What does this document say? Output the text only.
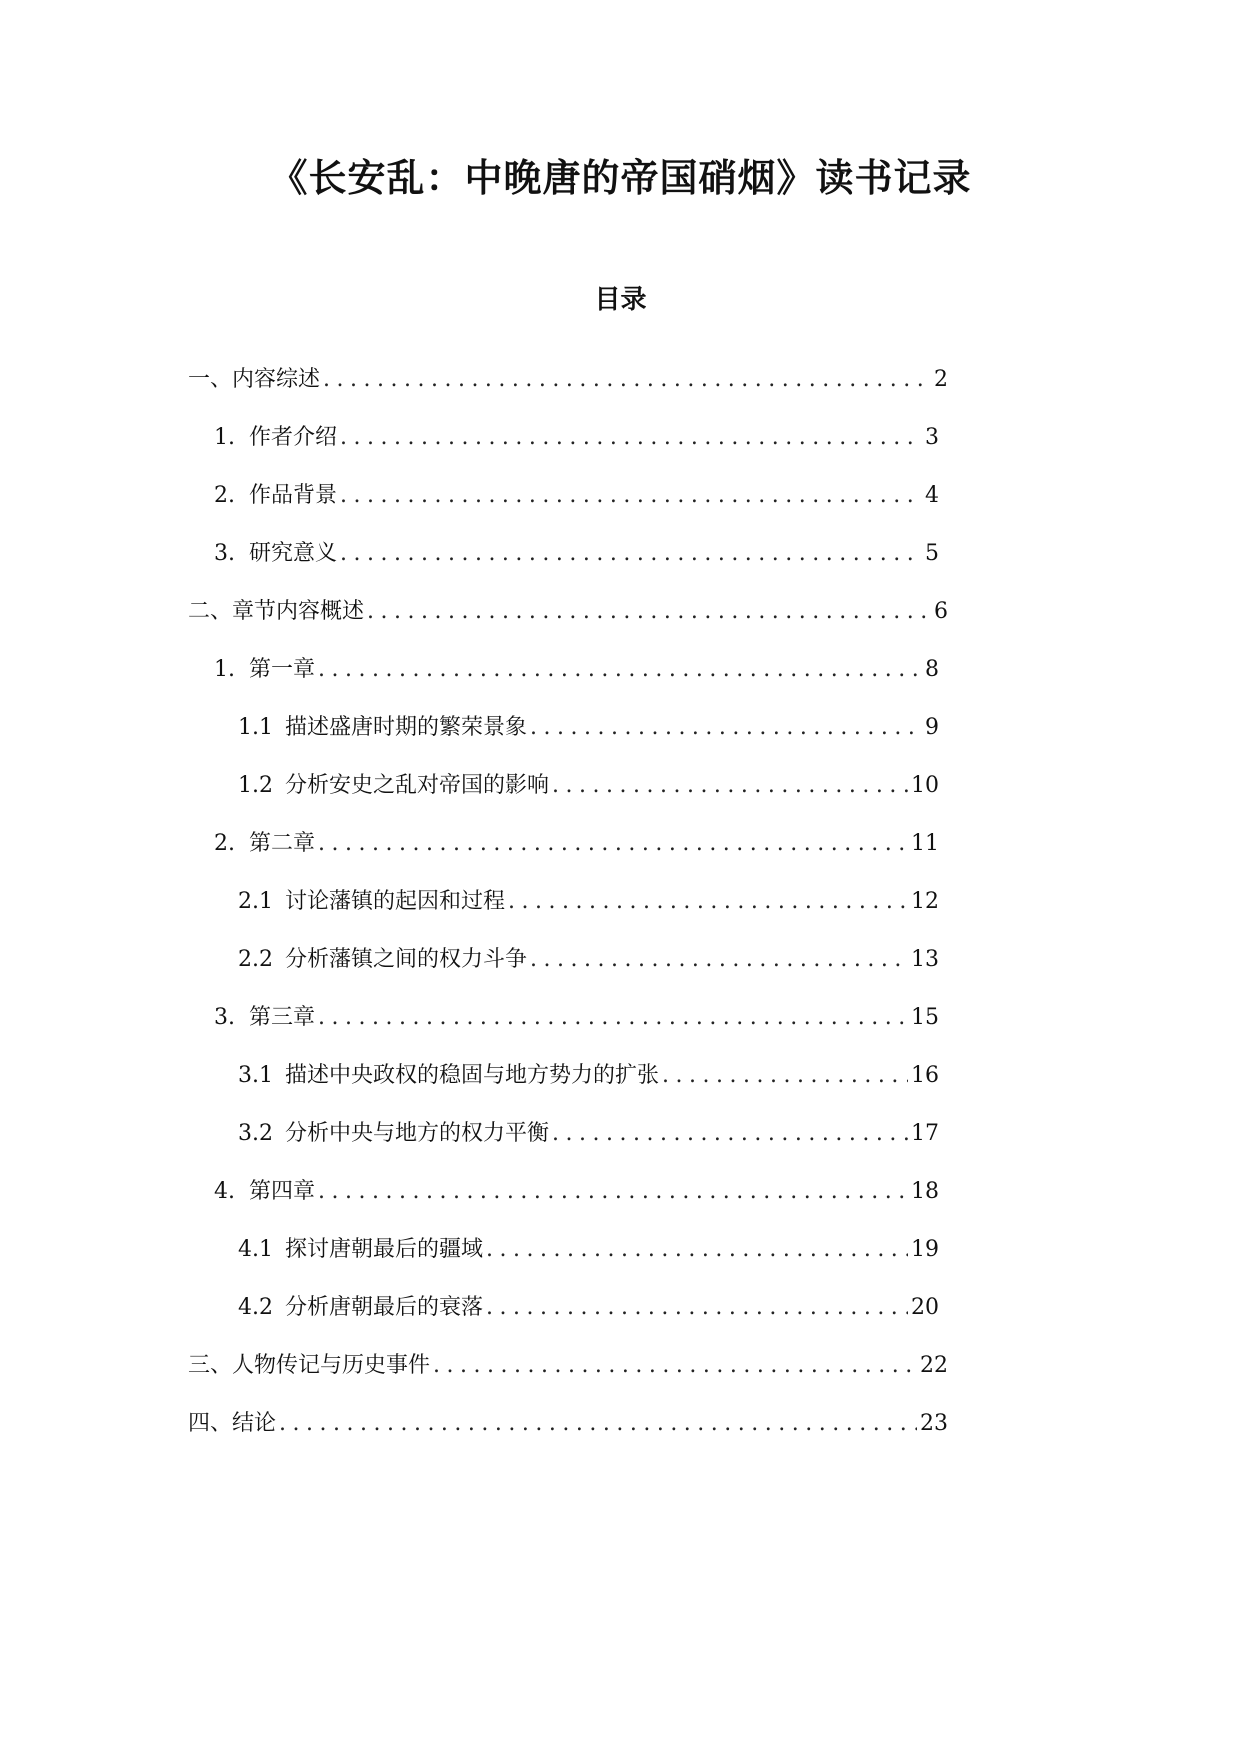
《长安乱：中晚唐的帝国硝烟》读书记录
目录
一、内容综述 .....	2
1. 作者介绍 .....	3
2. 作品背景 .....	4
3. 研究意义 .....	5
二、章节内容概述 .....	6
1. 第一章 .....	8
1.1 描述盛唐时期的繁荣景象 .....	9
1.2 分析安史之乱对帝国的影响 .....	10
2. 第二章 .....	11
2.1 讨论藩镇的起因和过程 .....	12
2.2 分析藩镇之间的权力斗争 .....	13
3. 第三章 .....	15
3.1 描述中央政权的稳固与地方势力的扩张 .....	16
3.2 分析中央与地方的权力平衡 .....	17
4. 第四章 .....	18
4.1 探讨唐朝最后的疆域 .....	19
4.2 分析唐朝最后的衰落 .....	20
三、人物传记与历史事件 .....	22
四、结论 .....	23
